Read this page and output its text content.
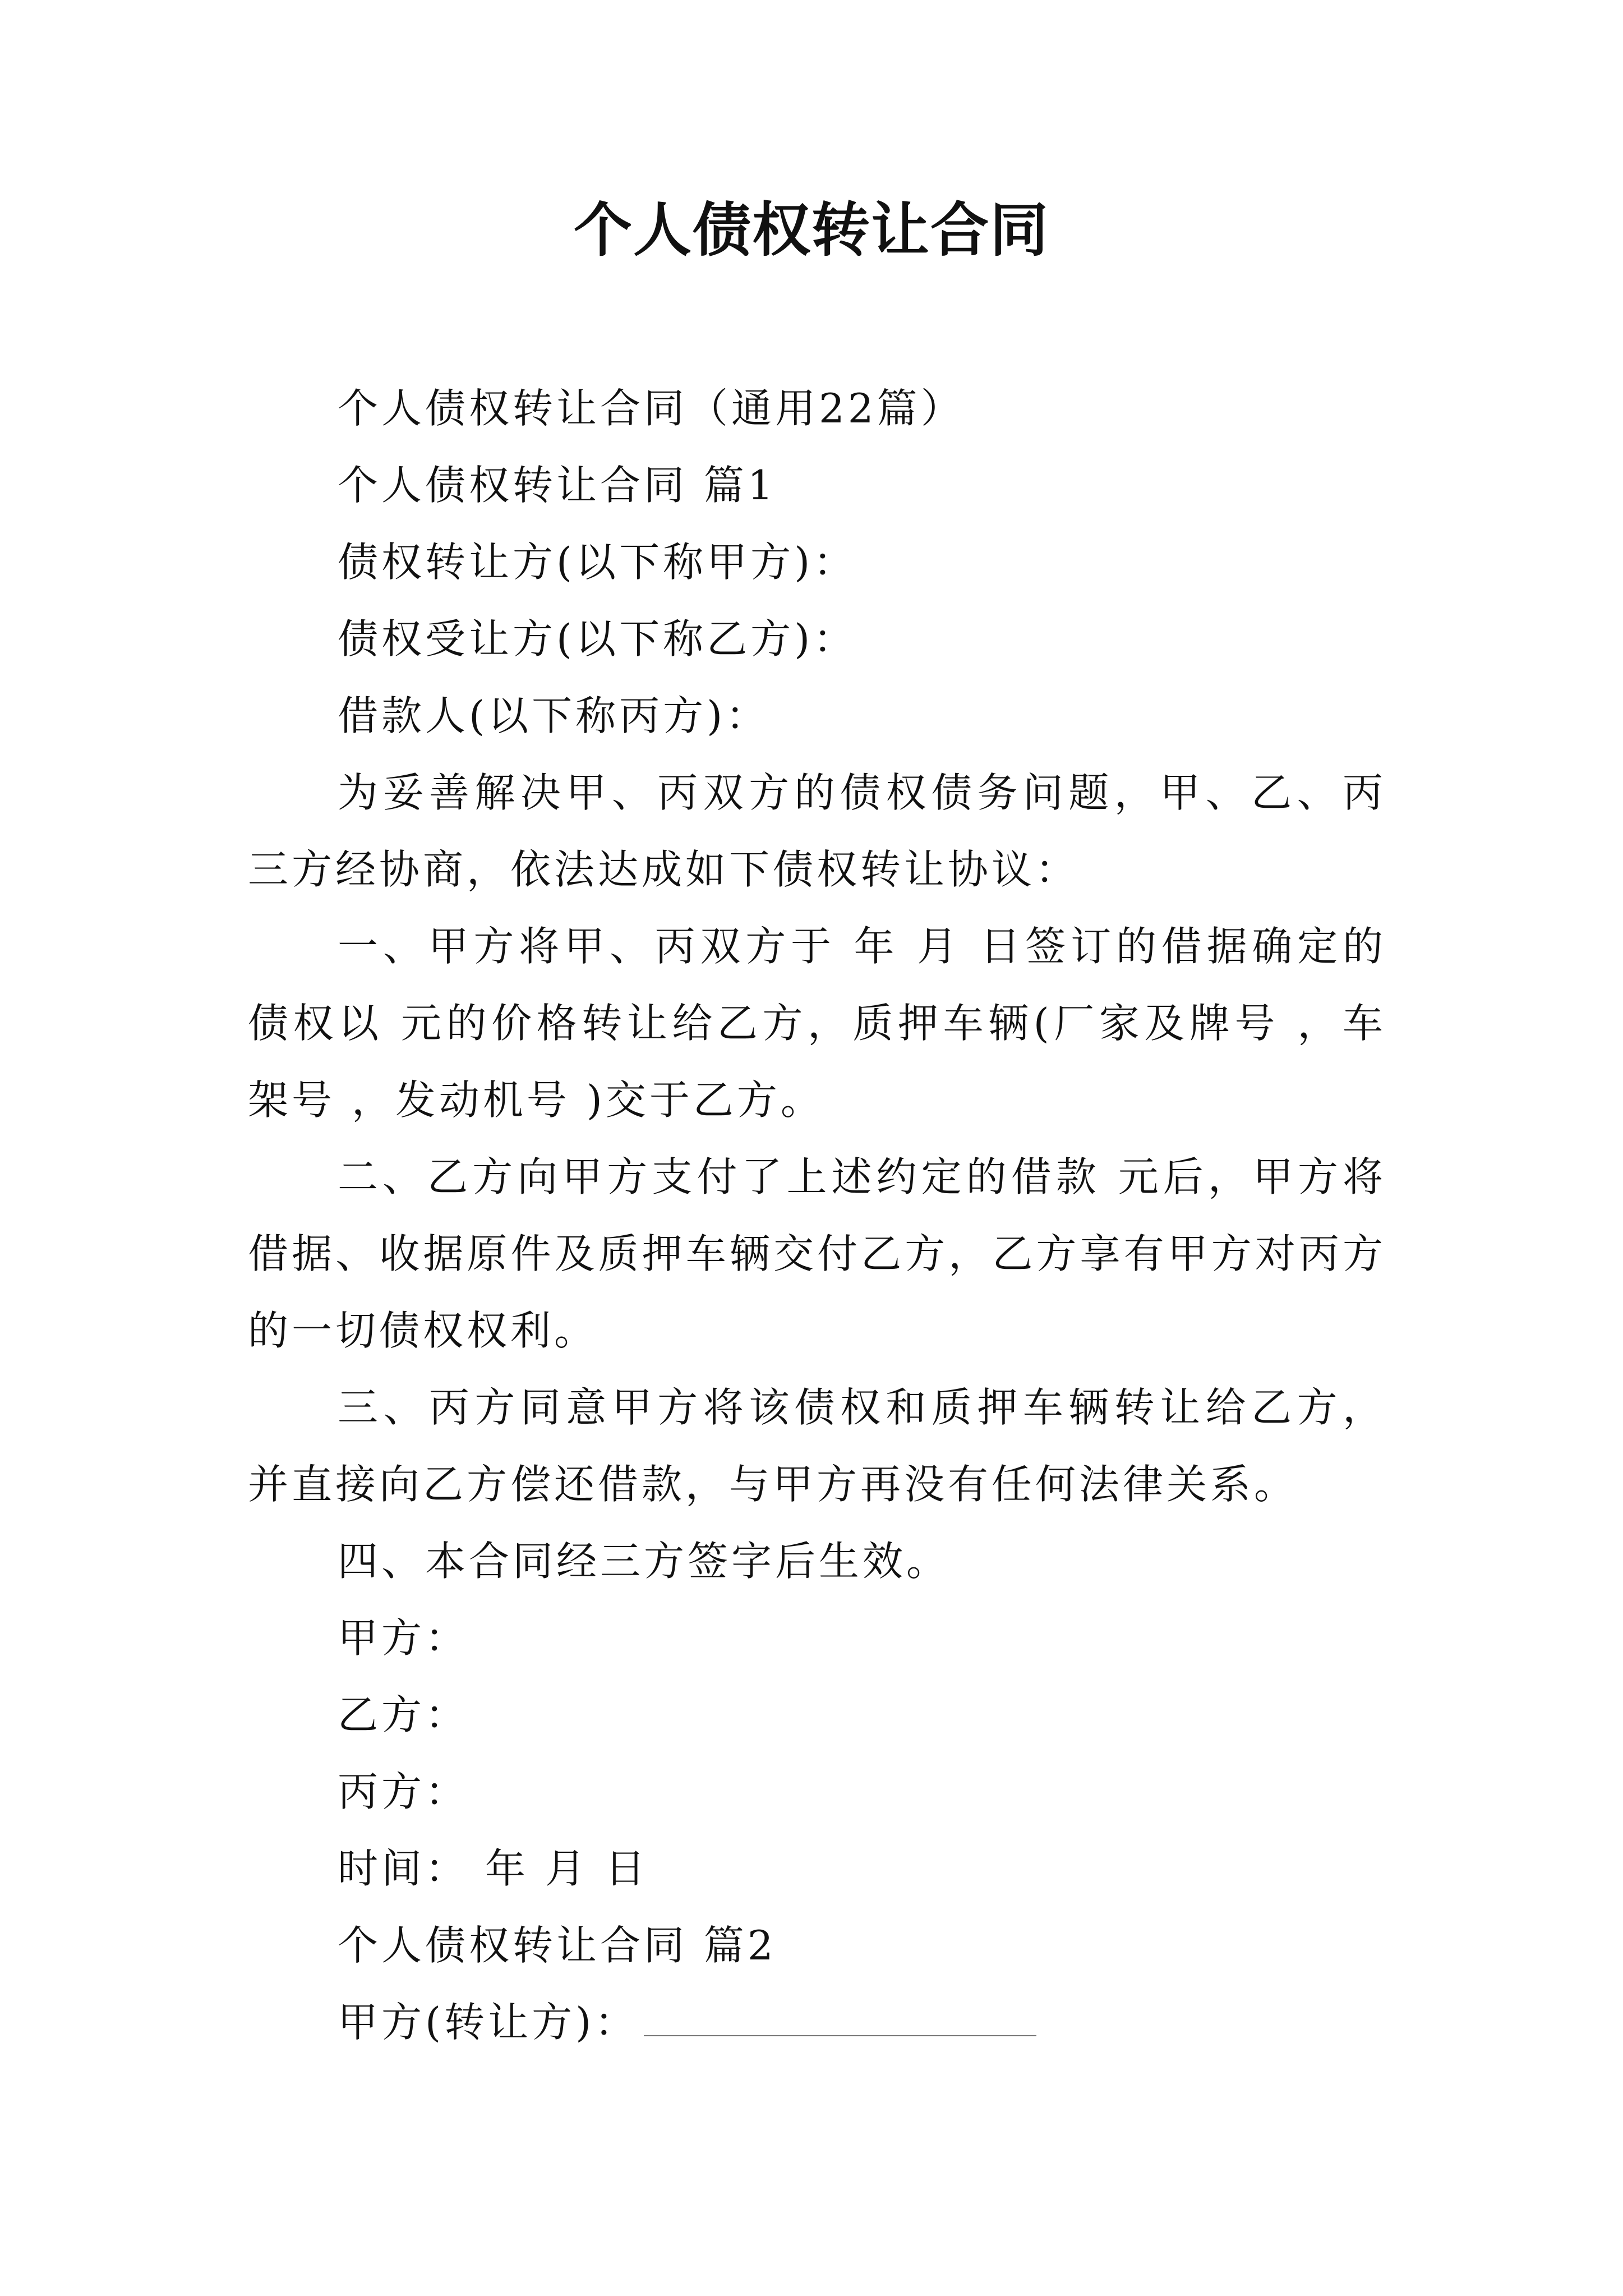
个人债权转让合同

个人债权转让合同（通用22篇）

个人债权转让合同 篇1

债权转让方(以下称甲方)：

债权受让方(以下称乙方)：

借款人(以下称丙方)：

为妥善解决甲、丙双方的债权债务问题，甲、乙、丙三方经协商，依法达成如下债权转让协议：

一、甲方将甲、丙双方于 年 月 日签订的借据确定的债权以 元的价格转让给乙方，质押车辆(厂家及牌号 ，车架号 ，发动机号 )交于乙方。

二、乙方向甲方支付了上述约定的借款 元后，甲方将借据、收据原件及质押车辆交付乙方，乙方享有甲方对丙方的一切债权权利。

三、丙方同意甲方将该债权和质押车辆转让给乙方，并直接向乙方偿还借款，与甲方再没有任何法律关系。

四、本合同经三方签字后生效。

甲方：

乙方：

丙方：

时间： 年 月 日

个人债权转让合同 篇2

甲方(转让方)：
